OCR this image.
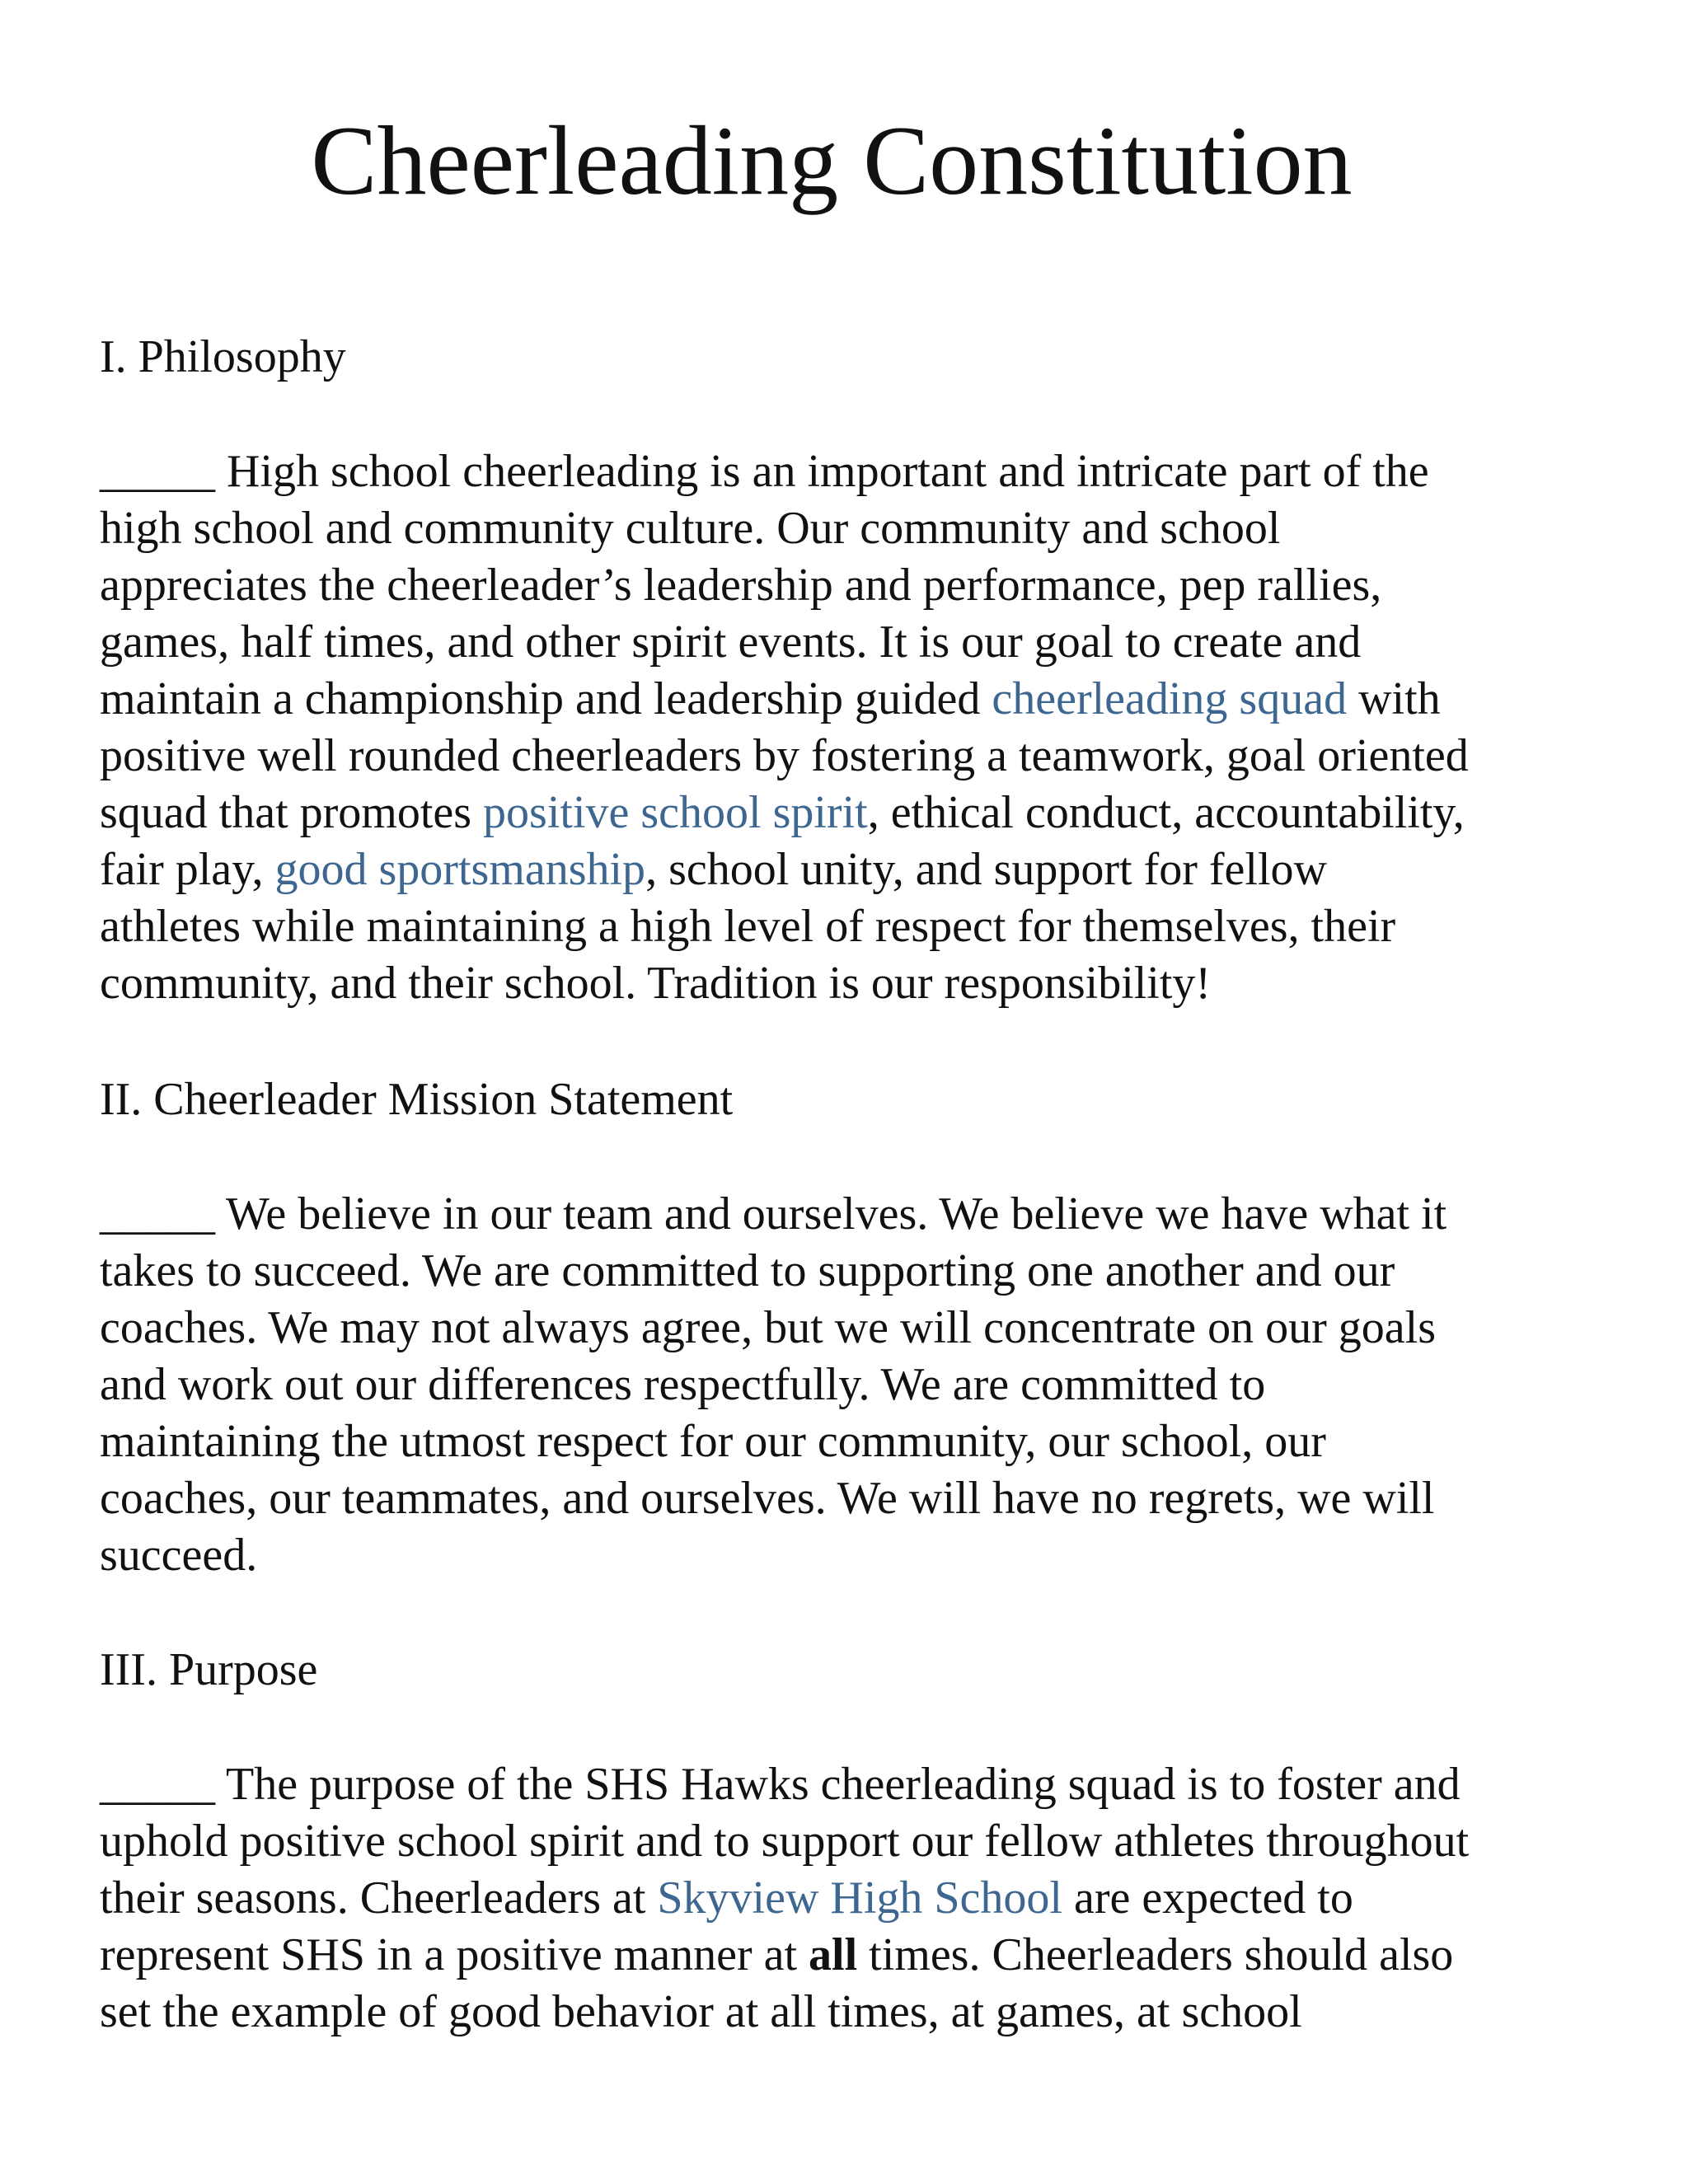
Cheerleading Constitution
I. Philosophy
_____ High school cheerleading is an important and intricate part of the
high school and community culture. Our community and school
appreciates the cheerleader’s leadership and performance, pep rallies,
games, half times, and other spirit events. It is our goal to create and
maintain a championship and leadership guided cheerleading squad with
positive well rounded cheerleaders by fostering a teamwork, goal oriented
squad that promotes positive school spirit, ethical conduct, accountability,
fair play, good sportsmanship, school unity, and support for fellow
athletes while maintaining a high level of respect for themselves, their
community, and their school. Tradition is our responsibility!
II. Cheerleader Mission Statement
_____ We believe in our team and ourselves. We believe we have what it
takes to succeed. We are committed to supporting one another and our
coaches. We may not always agree, but we will concentrate on our goals
and work out our differences respectfully. We are committed to
maintaining the utmost respect for our community, our school, our
coaches, our teammates, and ourselves. We will have no regrets, we will
succeed.
III. Purpose
_____ The purpose of the SHS Hawks cheerleading squad is to foster and
uphold positive school spirit and to support our fellow athletes throughout
their seasons. Cheerleaders at Skyview High School are expected to
represent SHS in a positive manner at all times. Cheerleaders should also
set the example of good behavior at all times, at games, at school
